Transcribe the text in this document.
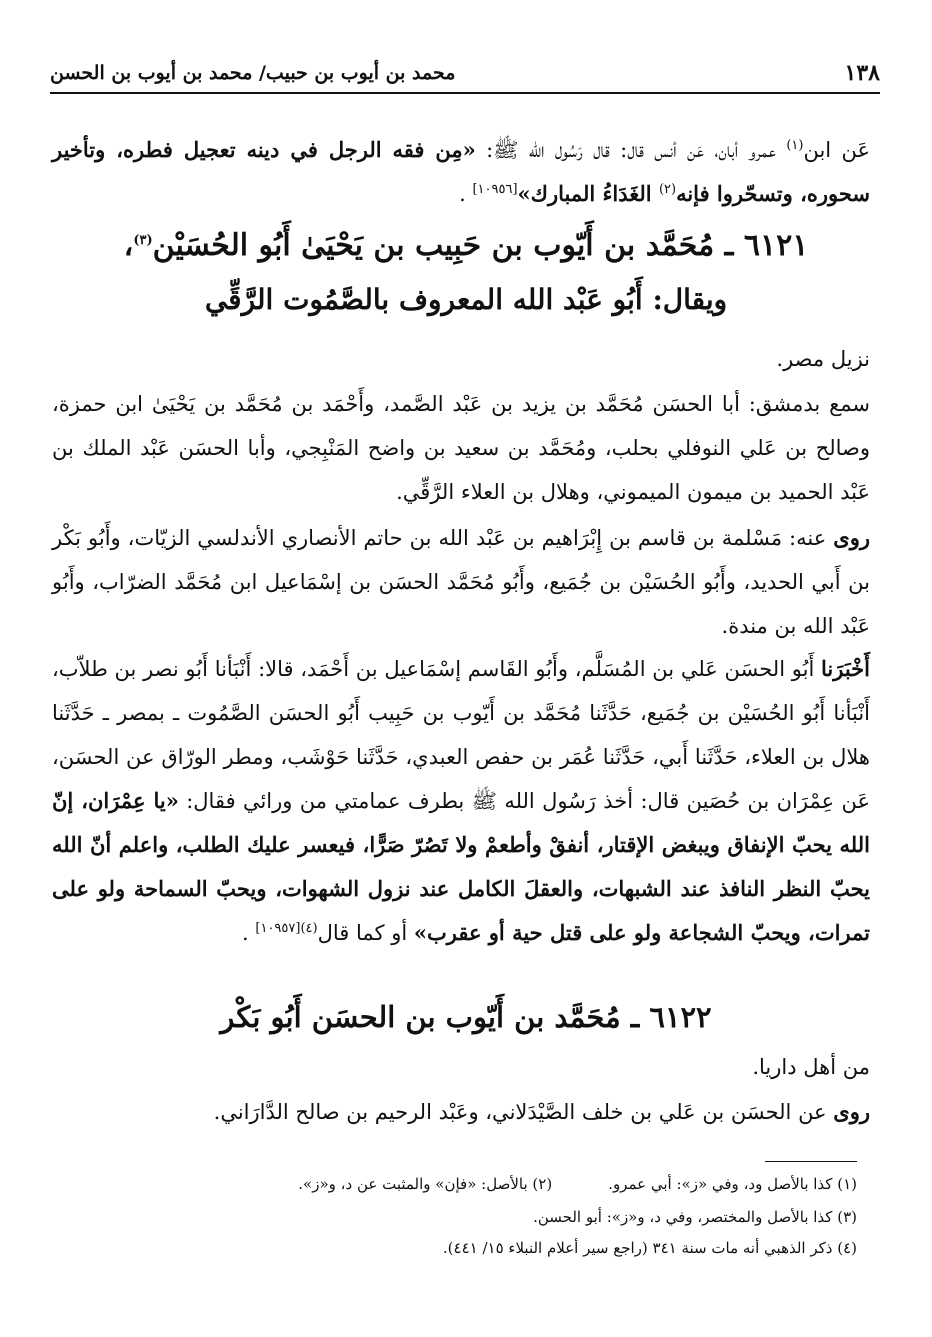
١٣٨
محمد بن أيوب بن حبيب/ محمد بن أيوب بن الحسن
عَن ابن$^{(١)}$ عمرو أبان، عَن أنس قال: قال رَسُول الله ﷺ: «مِن فقه الرجل في دينه تعجيل فطره، وتأخير سحوره، وتسحّروا فإنه$^{(٢)}$ الغَدَاءُ المبارك»[١٠٩٥٦] .
٦١٢١ ـ مُحَمَّد بن أَيّوب بن حَبِيب بن يَحْيَىٰ أَبُو الحُسَيْن$^{(٣)}$،
ويقال: أَبُو عَبْد الله المعروف بالصَّمُوت الرَّقِّي
نزيل مصر.
سمع بدمشق: أبا الحسَن مُحَمَّد بن يزيد بن عَبْد الصَّمد، وأَحْمَد بن مُحَمَّد بن يَحْيَىٰ ابن حمزة، وصالح بن عَلي النوفلي بحلب، ومُحَمَّد بن سعيد بن واضح المَنْبِجي، وأبا الحسَن عَبْد الملك بن عَبْد الحميد بن ميمون الميموني، وهلال بن العلاء الرَّقِّي.
روى عنه: مَسْلمة بن قاسم بن إِبْرَاهيم بن عَبْد الله بن حاتم الأنصاري الأندلسي الزيّات، وأَبُو بَكْر بن أَبي الحديد، وأَبُو الحُسَيْن بن جُمَيع، وأَبُو مُحَمَّد الحسَن بن إسْمَاعيل ابن مُحَمَّد الضرّاب، وأَبُو عَبْد الله بن مندة.
أَخْبَرَنا أَبُو الحسَن عَلي بن المُسَلَّم، وأَبُو القَاسم إسْمَاعيل بن أَحْمَد، قالا: أَنْبَأنا أَبُو نصر بن طلاّب، أَنْبَأنا أَبُو الحُسَيْن بن جُمَيع، حَدَّثَنا مُحَمَّد بن أَيّوب بن حَبِيب أَبُو الحسَن الصَّمُوت ـ بمصر ـ حَدَّثَنا هلال بن العلاء، حَدَّثَنا أَبي، حَدَّثَنا عُمَر بن حفص العبدي، حَدَّثَنا حَوْشَب، ومطر الورّاق عن الحسَن، عَن عِمْرَان بن حُصَين قال: أخذ رَسُول الله ﷺ بطرف عمامتي من ورائي فقال: «يا عِمْرَان، إنّ الله يحبّ الإنفاق ويبغض الإقتار، أنفقْ وأطعمْ ولا تَصُرّ صَرًّا، فيعسر عليك الطلب، واعلم أنّ الله يحبّ النظر النافذ عند الشبهات، والعقلَ الكامل عند نزول الشهوات، ويحبّ السماحة ولو على تمرات، ويحبّ الشجاعة ولو على قتل حية أو عقرب» أو كما قال$^{(٤)[١٠٩٥٧]}$ .
٦١٢٢ ـ مُحَمَّد بن أَيّوب بن الحسَن أَبُو بَكْر
من أهل داريا.
روى عن الحسَن بن عَلي بن خلف الصَّيْدَلاني، وعَبْد الرحيم بن صالح الدَّارَاني.
(١) كذا بالأصل ود، وفي «ز»: أبي عمرو.(٢) بالأصل: «فإن» والمثبت عن د، و«ز».
(٣) كذا بالأصل والمختصر، وفي د، و«ز»: أبو الحسن.
(٤) ذكر الذهبي أنه مات سنة ٣٤١ (راجع سير أعلام النبلاء ١٥/ ٤٤١).
